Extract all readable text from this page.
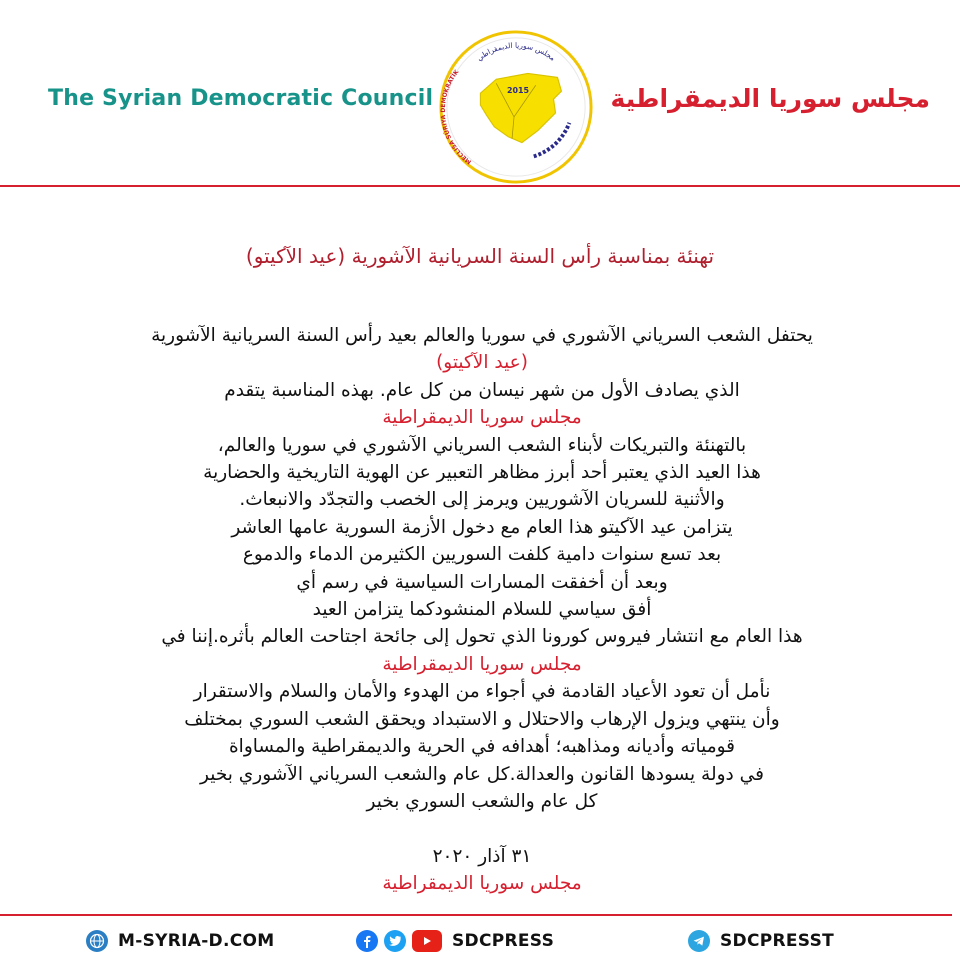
The Syrian Democratic Council
مجلس سوريا الديمقراطي
MECLISA SÛRIYA DEMOKRATÎK
2015	مجلس سوريا الديمقراطية
تهنئة بمناسبة رأس السنة السريانية الآشورية (عيد الآكيتو)
يحتفل الشعب السرياني الآشوري في سوريا والعالم بعيد رأس السنة السريانية الآشورية
(عيد الآكيتو)
الذي يصادف الأول من شهر نيسان من كل عام. بهذه المناسبة يتقدم
مجلس سوريا الديمقراطية
بالتهنئة والتبريكات لأبناء الشعب السرياني الآشوري في سوريا والعالم،
هذا العيد الذي يعتبر أحد أبرز مظاهر التعبير عن الهوية التاريخية والحضارية
والأثنية للسريان الآشوريين ويرمز إلى الخصب والتجدّد والانبعاث.
يتزامن عيد الآكيتو هذا العام مع دخول الأزمة السورية عامها العاشر
بعد تسع سنوات دامية كلفت السوريين الكثيرمن الدماء والدموع
وبعد أن أخفقت المسارات السياسية في رسم أي
أفق سياسي للسلام المنشودكما يتزامن العيد
هذا العام مع انتشار فيروس كورونا الذي تحول إلى جائحة اجتاحت العالم بأثره.إننا في
مجلس سوريا الديمقراطية
نأمل أن تعود الأعياد القادمة في أجواء من الهدوء والأمان والسلام والاستقرار
وأن ينتهي ويزول الإرهاب والاحتلال و الاستبداد ويحقق الشعب السوري بمختلف
قومياته وأديانه ومذاهبه؛ أهدافه في الحرية والديمقراطية والمساواة
في دولة يسودها القانون والعدالة.كل عام والشعب السرياني الآشوري بخير
كل عام والشعب السوري بخير

٣١ آذار ٢٠٢٠
مجلس سوريا الديمقراطية
M-SYRIA-D.COM	SDCPRESS	SDCPRESST
